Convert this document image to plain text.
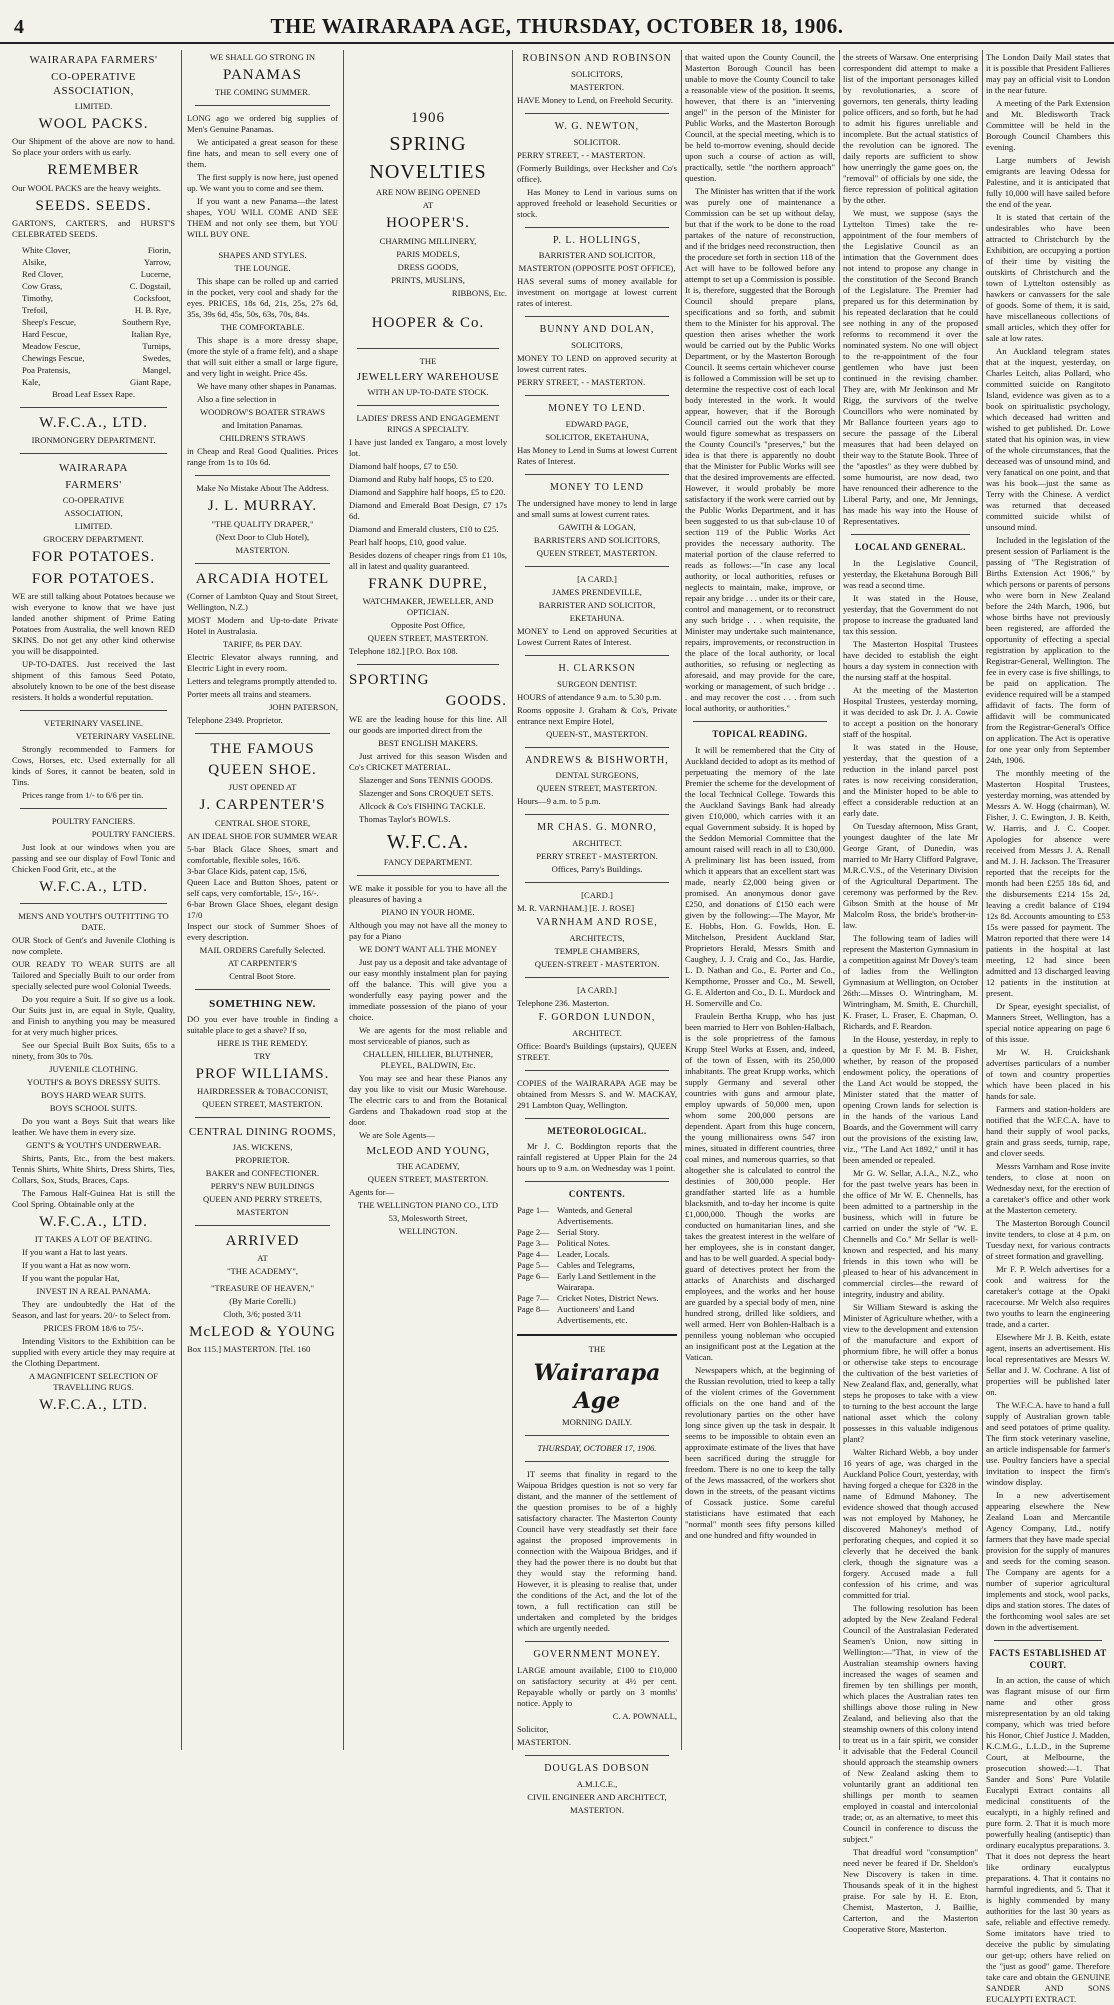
4	THE WAIRARAPA AGE, THURSDAY, OCTOBER 18, 1906.
WAIRARAPA FARMERS'
CO-OPERATIVE ASSOCIATION,
LIMITED.
WOOL PACKS.
Our Shipment of the above are now to hand. So place your orders with us early.
REMEMBER
Our WOOL PACKS are the heavy weights.
SEEDS. SEEDS.
GARTON'S, CARTER'S, and HURST'S CELEBRATED SEEDS.
White Clover,	Fiorin,
Alsike,	Yarrow,
Red Clover,	Lucerne,
Cow Grass,	C. Dogstail,
Timothy,	Cocksfoot,
Trefoil,	H. B. Rye,
Sheep's Fescue,	Southern Rye,
Hard Fescue,	Italian Rye,
Meadow Fescue,	Turnips,
Chewings Fescue,	Swedes,
Poa Pratensis,	Mangel,
Kale,	Giant Rape,
Broad Leaf Essex Rape.
W.F.C.A., LTD.
IRONMONGERY DEPARTMENT.
WAIRARAPA
FARMERS'
CO-OPERATIVE
ASSOCIATION,
LIMITED.
GROCERY DEPARTMENT.
FOR POTATOES.
FOR POTATOES.
WE are still talking about Potatoes because we wish everyone to know that we have just landed another shipment of Prime Eating Potatoes from Australia, the well known RED SKINS. Do not get any other kind otherwise you will be disappointed.
UP-TO-DATES. Just received the last shipment of this famous Seed Potato, absolutely known to be one of the best disease resisters. It holds a wonderful reputation.
VETERINARY VASELINE.
VETERINARY VASELINE.
Strongly recommended to Farmers for Cows, Horses, etc. Used externally for all kinds of Sores, it cannot be beaten, sold in Tins.
Prices range from 1/- to 6/6 per tin.
POULTRY FANCIERS.
POULTRY FANCIERS.
Just look at our windows when you are passing and see our display of Fowl Tonic and Chicken Food Grit, etc., at the
W.F.C.A., LTD.
MEN'S AND YOUTH'S OUTFITTING TO DATE.
OUR Stock of Gent's and Juvenile Clothing is now complete.
OUR READY TO WEAR SUITS are all Tailored and Specially Built to our order from specially selected pure wool Colonial Tweeds.
Do you require a Suit. If so give us a look. Our Suits just in, are equal in Style, Quality, and Finish to anything you may be measured for at very much higher prices.
See our Special Built Box Suits, 65s to a ninety, from 30s to 70s.
JUVENILE CLOTHING.
YOUTH'S & BOYS DRESSY SUITS.
BOYS HARD WEAR SUITS.
BOYS SCHOOL SUITS.
Do you want a Boys Suit that wears like leather. We have them in every size.
GENT'S & YOUTH'S UNDERWEAR.
Shirts, Pants, Etc., from the best makers. Tennis Shirts, White Shirts, Dress Shirts, Ties, Collars, Sox, Studs, Braces, Caps.
The Famous Half-Guinea Hat is still the Cool Spring. Obtainable only at the
W.F.C.A., LTD.
IT TAKES A LOT OF BEATING.
If you want a Hat to last years.
If you want a Hat as now worn.
If you want the popular Hat,
INVEST IN A REAL PANAMA.
They are undoubtedly the Hat of the Season, and last for years. 20/- to Select from.
PRICES FROM 18/6 to 75/-.
Intending Visitors to the Exhibition can be supplied with every article they may require at the Clothing Department.
A MAGNIFICENT SELECTION OF TRAVELLING RUGS.
W.F.C.A., LTD.
WE SHALL GO STRONG IN
PANAMAS
THE COMING SUMMER.
LONG ago we ordered big supplies of Men's Genuine Panamas.
We anticipated a great season for these fine hats, and mean to sell every one of them.
The first supply is now here, just opened up. We want you to come and see them.
If you want a new Panama—the latest shapes, YOU WILL COME AND SEE THEM and not only see them, but YOU WILL BUY ONE.
SHAPES AND STYLES.
THE LOUNGE.
This shape can be rolled up and carried in the pocket, very cool and shady for the eyes. PRICES, 18s 6d, 21s, 25s, 27s 6d, 35s, 39s 6d, 45s, 50s, 63s, 70s, 84s.
THE COMFORTABLE.
This shape is a more dressy shape, (more the style of a frame felt), and a shape that will suit either a small or large figure, and very light in weight. Price 45s.
We have many other shapes in Panamas.
Also a fine selection in
WOODROW'S BOATER STRAWS
and Imitation Panamas.
CHILDREN'S STRAWS
in Cheap and Real Good Qualities. Prices range from 1s to 10s 6d.
Make No Mistake About The Address.
J. L. MURRAY.
"THE QUALITY DRAPER,"
(Next Door to Club Hotel),
MASTERTON.
ARCADIA HOTEL
(Corner of Lambton Quay and Stout Street, Wellington, N.Z.)
MOST Modern and Up-to-date Private Hotel in Australasia.
TARIFF, 8s PER DAY.
Electric Elevator always running, and Electric Light in every room.
Letters and telegrams promptly attended to.
Porter meets all trains and steamers.
JOHN PATERSON,
Telephone 2349. Proprietor.
THE FAMOUS
QUEEN SHOE.
JUST OPENED AT
J. CARPENTER'S
CENTRAL SHOE STORE,
AN IDEAL SHOE FOR SUMMER WEAR
5-bar Black Glace Shoes, smart and comfortable, flexible soles, 16/6.
3-bar Glace Kids, patent cap, 15/6,
Queen Lace and Button Shoes, patent or self caps, very comfortable, 15/-, 16/-.
6-bar Brown Glace Shoes, elegant design 17/0
Inspect our stock of Summer Shoes of every description.
MAIL ORDERS Carefully Selected.
AT CARPENTER'S
Central Boot Store.
SOMETHING NEW.
DO you ever have trouble in finding a suitable place to get a shave? If so,
HERE IS THE REMEDY.
TRY
PROF WILLIAMS.
HAIRDRESSER & TOBACCONIST,
QUEEN STREET, MASTERTON.
CENTRAL DINING ROOMS,
JAS. WICKENS,
PROPRIETOR.
BAKER and CONFECTIONER.
PERRY'S NEW BUILDINGS
QUEEN AND PERRY STREETS,
MASTERTON
ARRIVED
AT
"THE ACADEMY",
"TREASURE OF HEAVEN,"
(By Marie Corelli.)
Cloth, 3/6; posted 3/11
McLEOD & YOUNG
Box 115.] MASTERTON. [Tel. 160
1906
SPRING
NOVELTIES
ARE NOW BEING OPENED
AT
HOOPER'S.
CHARMING MILLINERY,
PARIS MODELS,
DRESS GOODS,
PRINTS, MUSLINS,
RIBBONS, Etc.
HOOPER & Co.
THE
JEWELLERY WAREHOUSE
WITH AN UP-TO-DATE STOCK.
LADIES' DRESS AND ENGAGEMENT RINGS A SPECIALTY.
I have just landed ex Tangaro, a most lovely lot.
Diamond half hoops, £7 to £50.
Diamond and Ruby half hoops, £5 to £20.
Diamond and Sapphire half hoops, £5 to £20.
Diamond and Emerald Boat Design, £7 17s 6d.
Diamond and Emerald clusters, £10 to £25.
Pearl half hoops, £10, good value.
Besides dozens of cheaper rings from £1 10s, all in latest and quality guaranteed.
FRANK DUPRE,
WATCHMAKER, JEWELLER, AND OPTICIAN.
Opposite Post Office,
QUEEN STREET, MASTERTON.
Telephone 182.] [P.O. Box 108.
SPORTING
GOODS.
WE are the leading house for this line. All our goods are imported direct from the
BEST ENGLISH MAKERS.
Just arrived for this season Wisden and Co's CRICKET MATERIAL.
Slazenger and Sons TENNIS GOODS.
Slazenger and Sons CROQUET SETS.
Allcock & Co's FISHING TACKLE.
Thomas Taylor's BOWLS.
W.F.C.A.
FANCY DEPARTMENT.
WE make it possible for you to have all the pleasures of having a
PIANO IN YOUR HOME.
Although you may not have all the money to pay for a Piano
WE DON'T WANT ALL THE MONEY
Just pay us a deposit and take advantage of our easy monthly instalment plan for paying off the balance. This will give you a wonderfully easy paying power and the immediate possession of the piano of your choice.
We are agents for the most reliable and most serviceable of pianos, such as
CHALLEN, HILLIER, BLUTHNER, PLEYEL, BALDWIN, Etc.
You may see and hear these Pianos any day you like to visit our Music Warehouse. The electric cars to and from the Botanical Gardens and Thakadown road stop at the door.
We are Sole Agents—
McLEOD AND YOUNG,
THE ACADEMY,
QUEEN STREET, MASTERTON.
Agents for—
THE WELLINGTON PIANO CO., LTD
53, Molesworth Street,
WELLINGTON.
ROBINSON AND ROBINSON
SOLICITORS,
MASTERTON.
HAVE Money to Lend, on Freehold Security.
W. G. NEWTON,
SOLICITOR.
PERRY STREET, - - MASTERTON.
(Formerly Buildings, over Hecksher and Co's office).
Has Money to Lend in various sums on approved freehold or leasehold Securities or stock.
P. L. HOLLINGS,
BARRISTER AND SOLICITOR,
MASTERTON (OPPOSITE POST OFFICE),
HAS several sums of money available for investment on mortgage at lowest current rates of interest.
BUNNY AND DOLAN,
SOLICITORS,
MONEY TO LEND on approved security at lowest current rates.
PERRY STREET, - - MASTERTON.
MONEY TO LEND.
EDWARD PAGE,
SOLICITOR, EKETAHUNA,
Has Money to Lend in Sums at lowest Current Rates of Interest.
MONEY TO LEND
The undersigned have money to lend in large and small sums at lowest current rates.
GAWITH & LOGAN,
BARRISTERS AND SOLICITORS,
QUEEN STREET, MASTERTON.
[A CARD.]
JAMES PRENDEVILLE,
BARRISTER AND SOLICITOR,
EKETAHUNA.
MONEY to Lend on approved Securities at Lowest Current Rates of Interest.
H. CLARKSON
SURGEON DENTIST.
HOURS of attendance 9 a.m. to 5.30 p.m.
Rooms opposite J. Graham & Co's, Private entrance next Empire Hotel,
QUEEN-ST., MASTERTON.
ANDREWS & BISHWORTH,
DENTAL SURGEONS,
QUEEN STREET, MASTERTON.
Hours—9 a.m. to 5 p.m.
MR CHAS. G. MONRO,
ARCHITECT.
PERRY STREET - MASTERTON.
Offices, Parry's Buildings.
[CARD.]
M. R. VARNHAM.] [E. J. ROSE]
VARNHAM AND ROSE,
ARCHITECTS,
TEMPLE CHAMBERS,
QUEEN-STREET - MASTERTON.
[A CARD.]
Telephone 236. Masterton.
F. GORDON LUNDON,
ARCHITECT.
Office: Board's Buildings (upstairs), QUEEN STREET.
COPIES of the WAIRARAPA AGE may be obtained from Messrs S. and W. MACKAY, 291 Lambton Quay, Wellington.
METEOROLOGICAL.
Mr J. C. Boddington reports that the rainfall registered at Upper Plain for the 24 hours up to 9 a.m. on Wednesday was 1 point.
CONTENTS.
Page 1— Wanteds, and General Advertisements.
Page 2— Serial Story.
Page 3— Political Notes.
Page 4— Leader, Locals.
Page 5— Cables and Telegrams,
Page 6— Early Land Settlement in the Wairarapa.
Page 7— Cricket Notes, District News.
Page 8— Auctioneers' and Land Advertisements, etc.
THE
Wairarapa Age
MORNING DAILY.
THURSDAY, OCTOBER 17, 1906.
IT seems that finality in regard to the Waipoua Bridges question is not so very far distant, and the manner of the settlement of the question promises to be of a highly satisfactory character. The Masterton County Council have very steadfastly set their face against the proposed improvements in connection with the Waipoua Bridges, and if they had the power there is no doubt but that they would stay the reforming hand. However, it is pleasing to realise that, under the conditions of the Act, and the lot of the town, a full rectification can still be undertaken and completed by the bridges which are urgently needed.
GOVERNMENT MONEY.
LARGE amount available, £100 to £10,000 on satisfactory security at 4½ per cent. Repayable wholly or partly on 3 months' notice. Apply to
C. A. POWNALL,
Solicitor,
MASTERTON.
DOUGLAS DOBSON
A.M.I.C.E.,
CIVIL ENGINEER AND ARCHITECT,
MASTERTON.
that waited upon the County Council, the Masterton Borough Council has been unable to move the County Council to take a reasonable view of the position. It seems, however, that there is an "intervening angel" in the person of the Minister for Public Works, and the Masterton Borough Council, at the special meeting, which is to be held to-morrow evening, should decide upon such a course of action as will, practically, settle "the northern approach" question.
The Minister has written that if the work was purely one of maintenance a Commission can be set up without delay, but that if the work to be done to the road partakes of the nature of reconstruction, and if the bridges need reconstruction, then the procedure set forth in section 118 of the Act will have to be followed before any attempt to set up a Commission is possible. It is, therefore, suggested that the Borough Council should prepare plans, specifications and so forth, and submit them to the Minister for his approval. The question then arises whether the work would be carried out by the Public Works Department, or by the Masterton Borough Council. It seems certain whichever course is followed a Commission will be set up to determine the respective cost of each local body interested in the work. It would appear, however, that if the Borough Council carried out the work that they would figure somewhat as trespassers on the County Council's "preserves," but the idea is that there is apparently no doubt that the Minister for Public Works will see that the desired improvements are effected. However, it would probably be more satisfactory if the work were carried out by the Public Works Department, and it has been suggested to us that sub-clause 10 of section 119 of the Public Works Act provides the necessary authority. The material portion of the clause referred to reads as follows:—"In case any local authority, or local authorities, refuses or neglects to maintain, make, improve, or repair any bridge . . . under its or their care, control and management, or to reconstruct any such bridge . . . when requisite, the Minister may undertake such maintenance, repairs, improvements, or reconstruction in the place of the local authority, or local authorities, so refusing or neglecting as aforesaid, and may provide for the care, working or management, of such bridge . . . and may recover the cost . . . from such local authority, or authorities."
TOPICAL READING.
It will be remembered that the City of Auckland decided to adopt as its method of perpetuating the memory of the late Premier the scheme for the development of the local Technical College. Towards this the Auckland Savings Bank had already given £10,000, which carries with it an equal Government subsidy. It is hoped by the Seddon Memorial Committee that the amount raised will reach in all to £30,000. A preliminary list has been issued, from which it appears that an excellent start was made, nearly £2,000 being given or promised. An anonymous donor gave £250, and donations of £150 each were given by the following:—The Mayor, Mr E. Hobbs, Hon. G. Fowlds, Hon. E. Mitchelson, President Auckland Star, Proprietors Herald, Messrs Smith and Caughey, J. J. Craig and Co., Jas. Hardie, L. D. Nathan and Co., E. Porter and Co., Kempthorne, Prosser and Co., M. Sewell, G. E. Alderton and Co., D. L. Murdock and H. Somerville and Co.
Fraulein Bertha Krupp, who has just been married to Herr von Bohlen-Halbach, is the sole proprietress of the famous Krupp Steel Works at Essen, and, indeed, of the town of Essen, with its 250,000 inhabitants. The great Krupp works, which supply Germany and several other countries with guns and armour plate, employ upwards of 50,000 men, upon whom some 200,000 persons are dependent. Apart from this huge concern, the young millionairess owns 547 iron mines, situated in different countries, three coal mines, and numerous quarries, so that altogether she is calculated to control the destinies of 300,000 people. Her grandfather started life as a humble blacksmith, and to-day her income is quite £1,000,000. Though the works are conducted on humanitarian lines, and she takes the greatest interest in the welfare of her employees, she is in constant danger, and has to be well guarded. A special body-guard of detectives protect her from the attacks of Anarchists and discharged employees, and the works and her house are guarded by a special body of men, nine hundred strong, drilled like soldiers, and well armed. Herr von Bohlen-Halbach is a penniless young nobleman who occupied an insignificant post at the Legation at the Vatican.
Newspapers which, at the beginning of the Russian revolution, tried to keep a tally of the violent crimes of the Government officials on the one hand and of the revolutionary parties on the other have long since given up the task in despair. It seems to be impossible to obtain even an approximate estimate of the lives that have been sacrificed during the struggle for freedom. There is no one to keep the tally of the Jews massacred, of the workers shot down in the streets, of the peasant victims of Cossack justice. Some careful statisticians have estimated that each "normal" month sees fifty persons killed and one hundred and fifty wounded in
the streets of Warsaw. One enterprising correspondent did attempt to make a list of the important personages killed by revolutionaries, a score of governors, ten generals, thirty leading police officers, and so forth, but he had to admit his figures unreliable and incomplete. But the actual statistics of the revolution can be ignored. The daily reports are sufficient to show how unerringly the game goes on, the "removal" of officials by one side, the fierce repression of political agitation by the other.
We must, we suppose (says the Lyttelton Times) take the re-appointment of the four members of the Legislative Council as an intimation that the Government does not intend to propose any change in the constitution of the Second Branch of the Legislature. The Premier had prepared us for this determination by his repeated declaration that he could see nothing in any of the proposed reforms to recommend it over the nominated system. No one will object to the re-appointment of the four gentlemen who have just been continued in the revising chamber. They are, with Mr Jenkinson and Mr Rigg, the survivors of the twelve Councillors who were nominated by Mr Ballance fourteen years ago to secure the passage of the Liberal measures that had been delayed on their way to the Statute Book. Three of the "apostles" as they were dubbed by some humourist, are now dead, two have renounced their adherence to the Liberal Party, and one, Mr Jennings, has made his way into the House of Representatives.
LOCAL AND GENERAL.
In the Legislative Council, yesterday, the Eketahuna Borough Bill was read a second time.
It was stated in the House, yesterday, that the Government do not propose to increase the graduated land tax this session.
The Masterton Hospital Trustees have decided to establish the eight hours a day system in connection with the nursing staff at the hospital.
At the meeting of the Masterton Hospital Trustees, yesterday morning, it was decided to ask Dr. J. A. Cowie to accept a position on the honorary staff of the hospital.
It was stated in the House, yesterday, that the question of a reduction in the inland parcel post rates is now receiving consideration, and the Minister hoped to be able to effect a considerable reduction at an early date.
On Tuesday afternoon, Miss Grant, youngest daughter of the late Mr George Grant, of Dunedin, was married to Mr Harry Clifford Palgrave, M.R.C.V.S., of the Veterinary Division of the Agricultural Department. The ceremony was performed by the Rev. Gibson Smith at the house of Mr Malcolm Ross, the bride's brother-in-law.
The following team of ladies will represent the Masterton Gymnasium in a competition against Mr Dovey's team of ladies from the Wellington Gymnasium at Wellington, on October 26th:—Misses O. Wintringham, M. Wintringham, M. Smith, E. Churchill, K. Fraser, L. Fraser, E. Chapman, O. Richards, and F. Reardon.
In the House, yesterday, in reply to a question by Mr F. M. B. Fisher, whether, by reason of the proposed endowment policy, the operations of the Land Act would be stopped, the Minister stated that the matter of opening Crown lands for selection is in the hands of the various Land Boards, and the Government will carry out the provisions of the existing law, viz., "The Land Act 1892," until it has been amended or repealed.
Mr G. W. Sellar, A.I.A., N.Z., who for the past twelve years has been in the office of Mr W. E. Chennells, has been admitted to a partnership in the business, which will in future be carried on under the style of "W. E. Chennells and Co." Mr Sellar is well-known and respected, and his many friends in this town who will be pleased to hear of his advancement in commercial circles—the reward of integrity, industry and ability.
Sir William Steward is asking the Minister of Agriculture whether, with a view to the development and extension of the manufacture and export of phormium fibre, he will offer a bonus or otherwise take steps to encourage the cultivation of the best varieties of New Zealand flax, and, generally, what steps he proposes to take with a view to turning to the best account the large national asset which the colony possesses in this valuable indigenous plant?
Walter Richard Webb, a boy under 16 years of age, was charged in the Auckland Police Court, yesterday, with having forged a cheque for £328 in the name of Edmund Mahoney. The evidence showed that though accused was not employed by Mahoney, he discovered Mahoney's method of perforating cheques, and copied it so cleverly that he deceived the bank clerk, though the signature was a forgery. Accused made a full confession of his crime, and was committed for trial.
The following resolution has been adopted by the New Zealand Federal Council of the Australasian Federated Seamen's Union, now sitting in Wellington:—"That, in view of the Australian steamship owners having increased the wages of seamen and firemen by ten shillings per month, which places the Australian rates ten shillings above those ruling in New Zealand, and believing also that the steamship owners of this colony intend to treat us in a fair spirit, we consider it advisable that the Federal Council should approach the steamship owners of New Zealand asking them to voluntarily grant an additional ten shillings per month to seamen employed in coastal and intercolonial trade; or, as an alternative, to meet this Council in conference to discuss the subject."
That dreadful word "consumption" need never be feared if Dr. Sheldon's New Discovery is taken in time. Thousands speak of it in the highest praise. For sale by H. E. Eton, Chemist, Masterton, J. Baillie, Carterton, and the Masterton Cooperative Store, Masterton.
The London Daily Mail states that it is possible that President Fallieres may pay an official visit to London in the near future.
A meeting of the Park Extension and Mt. Bledisworth Track Committee will be held in the Borough Council Chambers this evening.
Large numbers of Jewish emigrants are leaving Odessa for Palestine, and it is anticipated that fully 10,000 will have sailed before the end of the year.
It is stated that certain of the undesirables who have been attracted to Christchurch by the Exhibition, are occupying a portion of their time by visiting the outskirts of Christchurch and the town of Lyttelton ostensibly as hawkers or canvassers for the sale of goods. Some of them, it is said, have miscellaneous collections of small articles, which they offer for sale at low rates.
An Auckland telegram states that at the inquest, yesterday, on Charles Leitch, alias Pollard, who committed suicide on Rangitoto Island, evidence was given as to a book on spiritualistic psychology, which deceased had written and wished to get published. Dr. Lowe stated that his opinion was, in view of the whole circumstances, that the deceased was of unsound mind, and very fanatical on one point, and that was his book—just the same as Terry with the Chinese. A verdict was returned that deceased committed suicide whilst of unsound mind.
Included in the legislation of the present session of Parliament is the passing of "The Registration of Births Extension Act 1906," by which persons or parents of persons who were born in New Zealand before the 24th March, 1906, but whose births have not previously been registered, are afforded the opportunity of effecting a special registration by application to the Registrar-General, Wellington. The fee in every case is five shillings, to be paid on application. The evidence required will be a stamped affidavit of facts. The form of affidavit will be communicated from the Registrar-General's Office on application. The Act is operative for one year only from September 24th, 1906.
The monthly meeting of the Masterton Hospital Trustees, yesterday morning, was attended by Messrs A. W. Hogg (chairman), W. Fisher, J. C. Ewington, J. B. Keith, W. Harris, and J. C. Cooper. Apologies for absence were received from Messrs J. A. Renall and M. J. H. Jackson. The Treasurer reported that the receipts for the month had been £255 18s 6d, and the disbursements £214 15s 2d, leaving a credit balance of £194 12s 8d. Accounts amounting to £53 15s were passed for payment. The Matron reported that there were 14 patients in the hospital at last meeting, 12 had since been admitted and 13 discharged leaving 12 patients in the institution at present.
Dr Spear, eyesight specialist, of Manners Street, Wellington, has a special notice appearing on page 6 of this issue.
Mr W. H. Cruickshank advertises particulars of a number of town and country properties which have been placed in his hands for sale.
Farmers and station-holders are notified that the W.F.C.A. have to hand their supply of wool packs, grain and grass seeds, turnip, rape, and clover seeds.
Messrs Varnham and Rose invite tenders, to close at noon on Wednesday next, for the erection of a caretaker's office and other work at the Masterton cemetery.
The Masterton Borough Council invite tenders, to close at 4 p.m. on Tuesday next, for various contracts of street formation and gravelling.
Mr F. P. Welch advertises for a cook and waitress for the caretaker's cottage at the Opaki racecourse. Mr Welch also requires two youths to learn the engineering trade, and a carter.
Elsewhere Mr J. B. Keith, estate agent, inserts an advertisement. His local representatives are Messrs W. Sellar and J. W. Cochrane. A list of properties will be published later on.
The W.F.C.A. have to hand a full supply of Australian grown table and seed potatoes of prime quality. The firm stock veterinary vaseline, an article indispensable for farmer's use. Poultry fanciers have a special invitation to inspect the firm's window display.
In a new advertisement appearing elsewhere the New Zealand Loan and Mercantile Agency Company, Ltd., notify farmers that they have made special provision for the supply of manures and seeds for the coming season. The Company are agents for a number of superior agricultural implements and stock, wool packs, dips and station stores. The dates of the forthcoming wool sales are set down in the advertisement.
FACTS ESTABLISHED AT COURT.
In an action, the cause of which was flagrant misuse of our firm name and other gross misrepresentation by an old taking company, which was tried before his Honor, Chief Justice J. Madden, K.C.M.G., L.L.D., in the Supreme Court, at Melbourne, the prosecution showed:—1. That Sander and Sons' Pure Volatile Eucalypti Extract contains all medicinal constituents of the eucalypti, in a highly refined and pure form. 2. That it is much more powerfully healing (antiseptic) than ordinary eucalyptus preparations. 3. That it does not depress the heart like ordinary eucalyptus preparations. 4. That it contains no harmful ingredients, and 5. That it is highly commended by many authorities for the last 30 years as safe, reliable and effective remedy. Some imitators have tried to deceive the public by simulating our get-up; others have relied on the "just as good" game. Therefore take care and obtain the GENUINE SANDER AND SONS EUCALYPTI EXTRACT.
